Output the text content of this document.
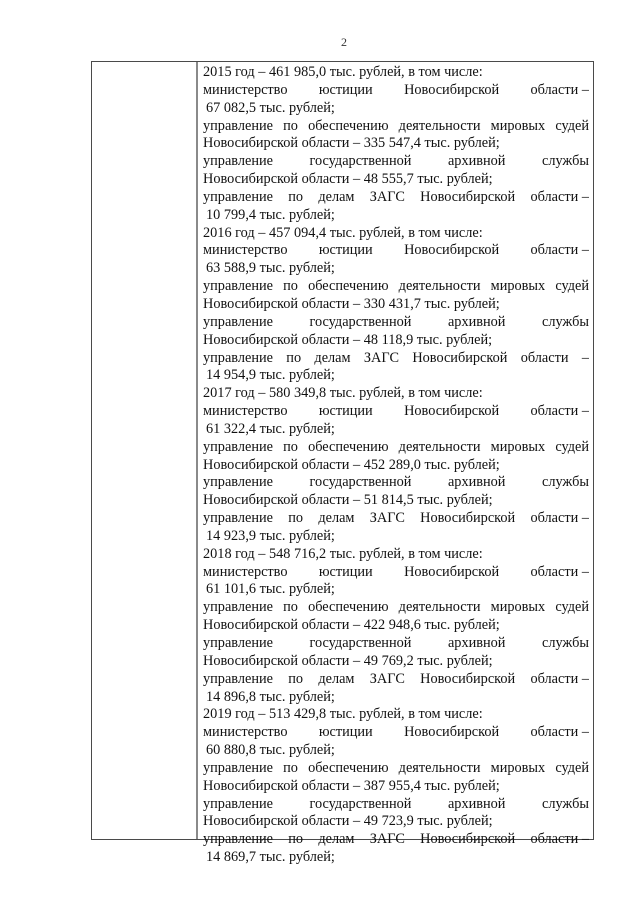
2
2015 год – 461 985,0 тыс. рублей, в том числе:
министерство юстиции Новосибирской области –
67 082,5 тыс. рублей;
управление по обеспечению деятельности мировых судей
Новосибирской области – 335 547,4 тыс. рублей;
управление	государственной	архивной	службы
Новосибирской области – 48 555,7 тыс. рублей;
управление по делам ЗАГС Новосибирской области –
10 799,4 тыс. рублей;
2016 год – 457 094,4 тыс. рублей, в том числе:
министерство юстиции Новосибирской области –
63 588,9 тыс. рублей;
управление по обеспечению деятельности мировых судей
Новосибирской области – 330 431,7 тыс. рублей;
управление	государственной	архивной	службы
Новосибирской области – 48 118,9 тыс. рублей;
управление по делам ЗАГС Новосибирской области –
14 954,9 тыс. рублей;
2017 год – 580 349,8 тыс. рублей, в том числе:
министерство юстиции Новосибирской области –
61 322,4 тыс. рублей;
управление по обеспечению деятельности мировых судей
Новосибирской области – 452 289,0 тыс. рублей;
управление	государственной	архивной	службы
Новосибирской области – 51 814,5 тыс. рублей;
управление по делам ЗАГС Новосибирской области –
14 923,9 тыс. рублей;
2018 год – 548 716,2 тыс. рублей, в том числе:
министерство юстиции Новосибирской области –
61 101,6 тыс. рублей;
управление по обеспечению деятельности мировых судей
Новосибирской области – 422 948,6 тыс. рублей;
управление	государственной	архивной	службы
Новосибирской области – 49 769,2 тыс. рублей;
управление по делам ЗАГС Новосибирской области –
14 896,8 тыс. рублей;
2019 год – 513 429,8 тыс. рублей, в том числе:
министерство юстиции Новосибирской области –
60 880,8 тыс. рублей;
управление по обеспечению деятельности мировых судей
Новосибирской области – 387 955,4 тыс. рублей;
управление	государственной	архивной	службы
Новосибирской области – 49 723,9 тыс. рублей;
управление по делам ЗАГС Новосибирской области –
14 869,7 тыс. рублей;
